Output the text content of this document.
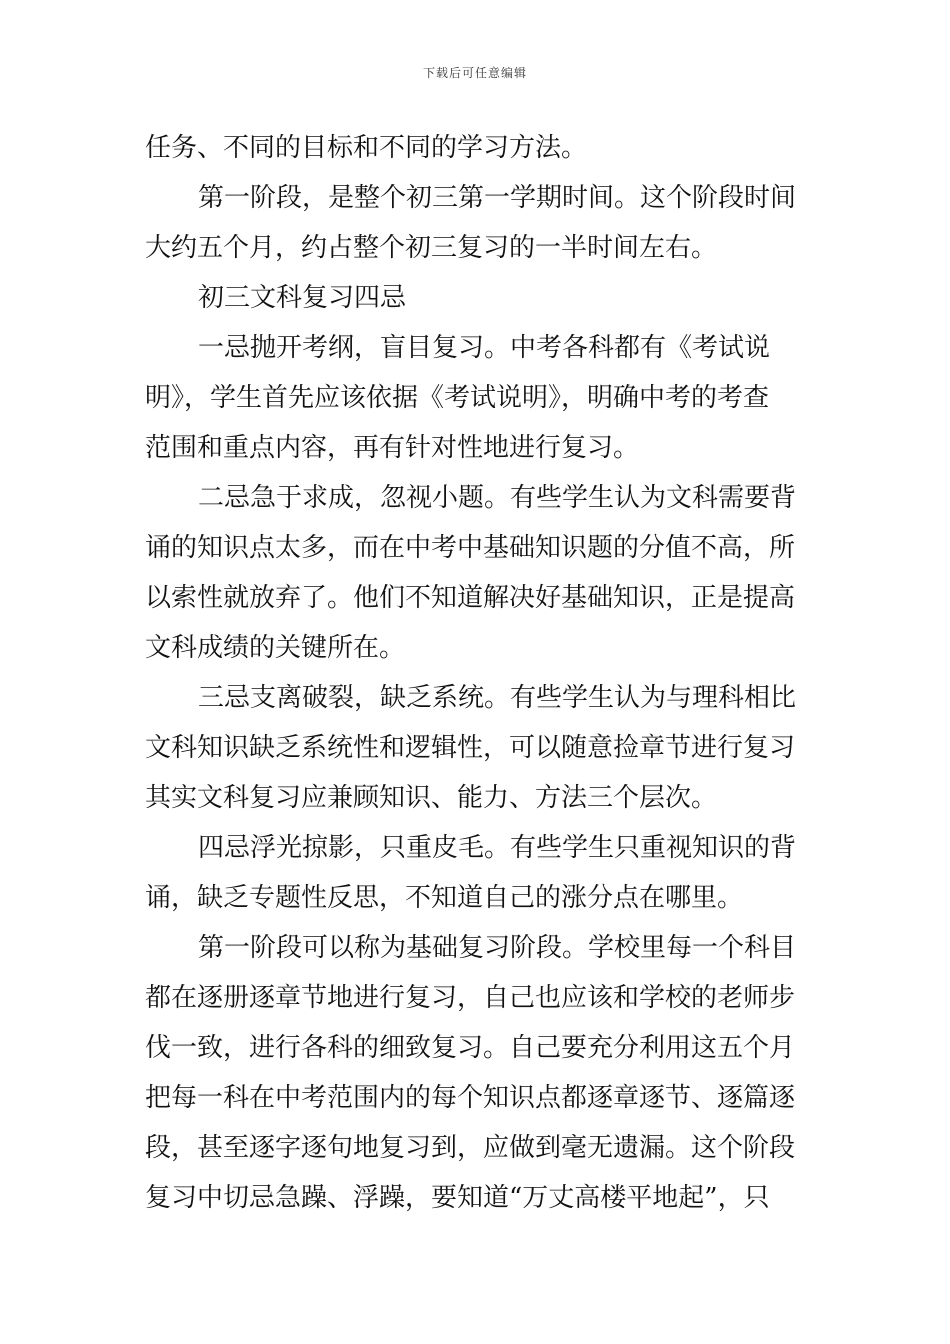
下载后可任意编辑
任务、不同的目标和不同的学习方法。
第一阶段，是整个初三第一学期时间。这个阶段时间
大约五个月，约占整个初三复习的一半时间左右。
初三文科复习四忌
一忌抛开考纲，盲目复习。中考各科都有《考试说
明》，学生首先应该依据《考试说明》，明确中考的考查
范围和重点内容，再有针对性地进行复习。
二忌急于求成，忽视小题。有些学生认为文科需要背
诵的知识点太多，而在中考中基础知识题的分值不高，所
以索性就放弃了。他们不知道解决好基础知识，正是提高
文科成绩的关键所在。
三忌支离破裂，缺乏系统。有些学生认为与理科相比
文科知识缺乏系统性和逻辑性，可以随意捡章节进行复习
其实文科复习应兼顾知识、能力、方法三个层次。
四忌浮光掠影，只重皮毛。有些学生只重视知识的背
诵，缺乏专题性反思，不知道自己的涨分点在哪里。
第一阶段可以称为基础复习阶段。学校里每一个科目
都在逐册逐章节地进行复习，自己也应该和学校的老师步
伐一致，进行各科的细致复习。自己要充分利用这五个月
把每一科在中考范围内的每个知识点都逐章逐节、逐篇逐
段，甚至逐字逐句地复习到，应做到毫无遗漏。这个阶段
复习中切忌急躁、浮躁，要知道“万丈高楼平地起”，只
